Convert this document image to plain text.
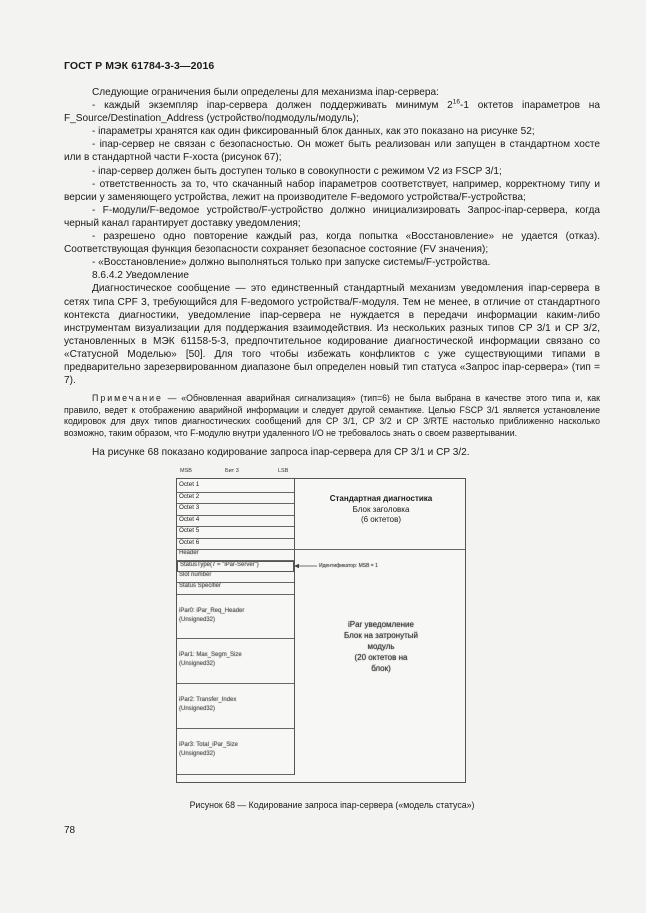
ГОСТ Р МЭК 61784-3-3—2016

Следующие ограничения были определены для механизма iпар-сервера:

- каждый экземпляр iпар-сервера должен поддерживать минимум $2^{16}-1$ октетов iпараметров на F_Source/Destination_Address (устройство/подмодуль/модуль);

- iпараметры хранятся как один фиксированный блок данных, как это показано на рисунке 52;

- iпар-сервер не связан с безопасностью. Он может быть реализован или запущен в стандартном хосте или в стандартной части F-хоста (рисунок 67);

- iпар-сервер должен быть доступен только в совокупности с режимом V2 из FSCP 3/1;

- ответственность за то, что скачанный набор iпараметров соответствует, например, корректному типу и версии у заменяющего устройства, лежит на производителе F-ведомого устройства/F-устройства;

- F-модули/F-ведомое устройство/F-устройство должно инициализировать Запрос-iпар-сервера, когда черный канал гарантирует доставку уведомления;

- разрешено одно повторение каждый раз, когда попытка «Восстановление» не удается (отказ). Соответствующая функция безопасности сохраняет безопасное состояние (FV значения);

- «Восстановление» должно выполняться только при запуске системы/F-устройства.

8.6.4.2 Уведомление

Диагностическое сообщение — это единственный стандартный механизм уведомления iпар-сервера в сетях типа CPF 3, требующийся для F-ведомого устройства/F-модуля. Тем не менее, в отличие от стандартного контекста диагностики, уведомление iпар-сервера не нуждается в передачи информации каким-либо инструментам визуализации для поддержания взаимодействия. Из нескольких разных типов CP 3/1 и CP 3/2, установленных в МЭК 61158-5-3, предпочтительное кодирование диагностической информации связано со «Статусной Моделью» [50]. Для того чтобы избежать конфликтов с уже существующими типами в предварительно зарезервированном диапазоне был определен новый тип статуса «Запрос iпар-сервера» (тип = 7).

Примечание — «Обновленная аварийная сигнализация» (тип=6) не была выбрана в качестве этого типа и, как правило, ведет к отображению аварийной информации и следует другой семантике. Целью FSCP 3/1 является установление кодировок для двух типов диагностических сообщений для CP 3/1, CP 3/2 и CP 3/RTE настолько приближенно насколько возможно, таким образом, что F-модулю внутри удаленного I/O не требовалось знать о своем развертывании.

На рисунке 68 показано кодирование запроса iпар-сервера для CP 3/1 и CP 3/2.

MSB	Бит 3	LSB
Octet 1
Octet 2
Octet 3
Octet 4
Octet 5
Octet 6
Header
StatusType(7 = "iPar-Server")
Slot number
Status Specifier
iPar0: iPar_Req_Header
(Unsigned32)
iPar1: Max_Segm_Size
(Unsigned32)
iPar2: Transfer_Index
(Unsigned32)
iPar3: Total_iPar_Size
(Unsigned32)
Стандартная диагностика
Блок заголовка
(6 октетов)
Идентификатор: MSB = 1
iPar уведомление
Блок на затронутый
модуль
(20 октетов на
блок)
Рисунок 68 — Кодирование запроса iпар-сервера («модель статуса»)
78
